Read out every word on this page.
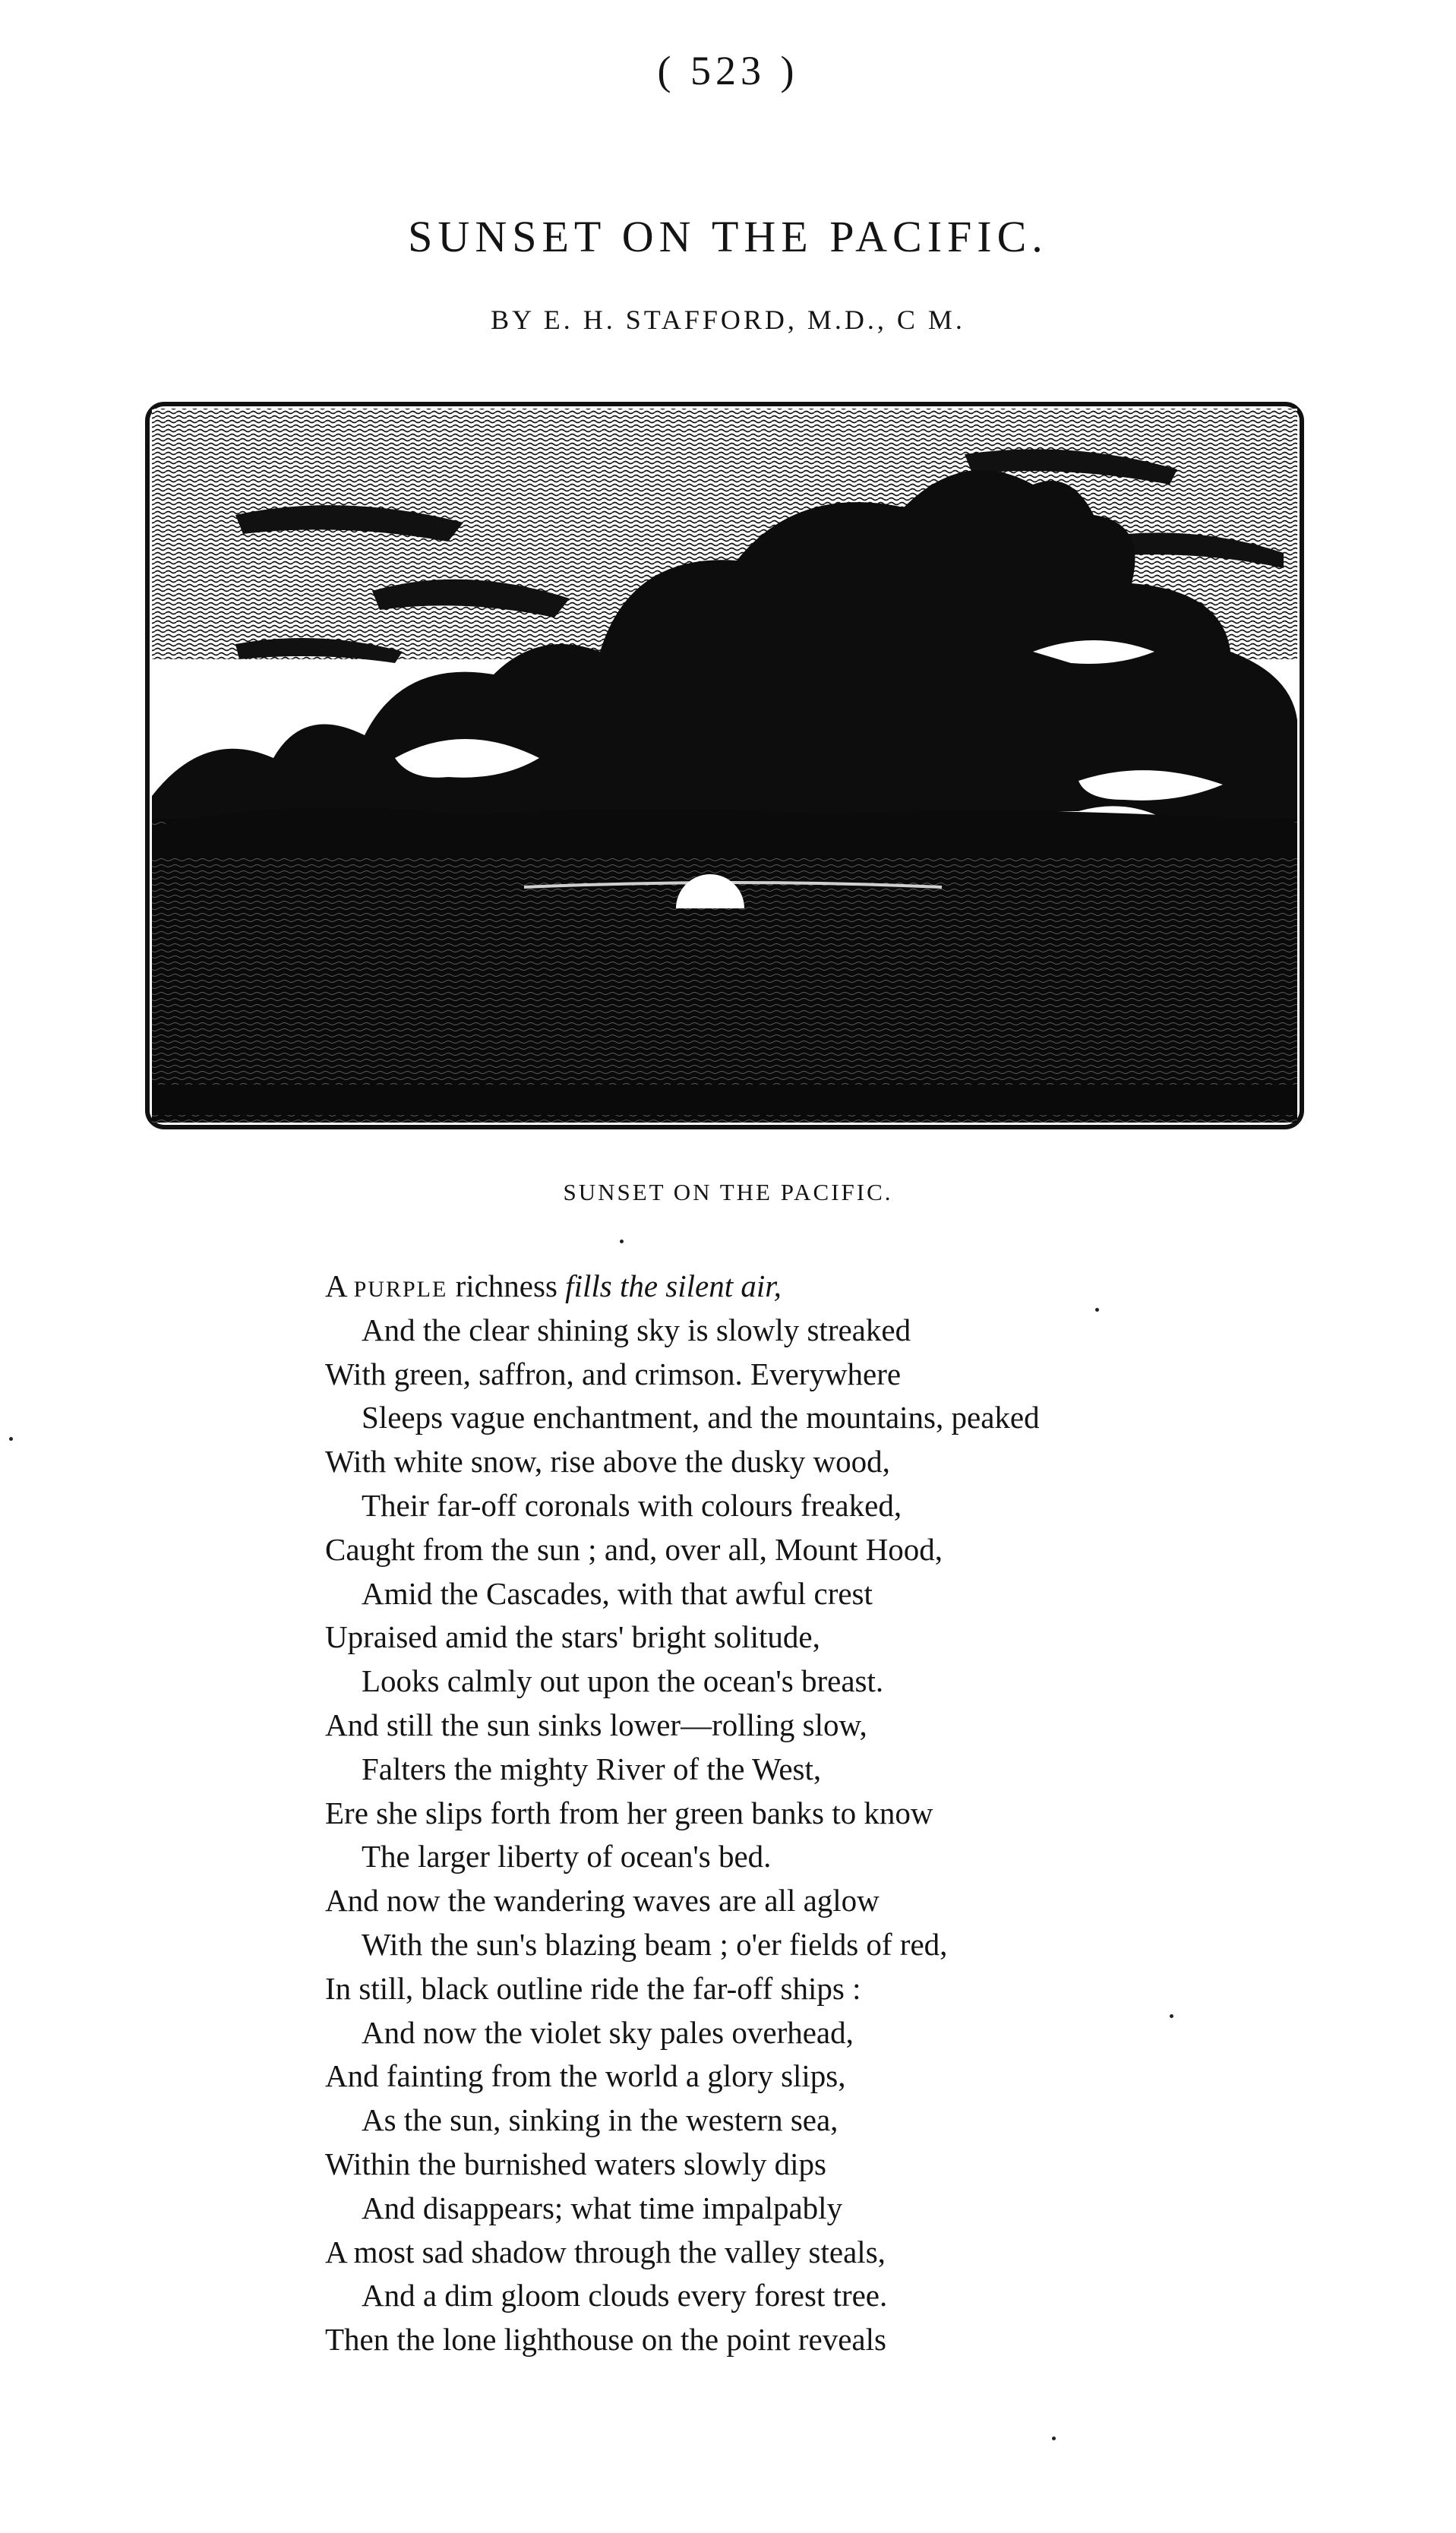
( 523 )
SUNSET ON THE PACIFIC.
BY E. H. STAFFORD, M.D., C M.
SUNSET ON THE PACIFIC.
A PURPLE richness fills the silent air,
And the clear shining sky is slowly streaked
With green, saffron, and crimson. Everywhere
Sleeps vague enchantment, and the mountains, peaked
With white snow, rise above the dusky wood,
Their far-off coronals with colours freaked,
Caught from the sun ; and, over all, Mount Hood,
Amid the Cascades, with that awful crest
Upraised amid the stars' bright solitude,
Looks calmly out upon the ocean's breast.
And still the sun sinks lower—rolling slow,
Falters the mighty River of the West,
Ere she slips forth from her green banks to know
The larger liberty of ocean's bed.
And now the wandering waves are all aglow
With the sun's blazing beam ; o'er fields of red,
In still, black outline ride the far-off ships :
And now the violet sky pales overhead,
And fainting from the world a glory slips,
As the sun, sinking in the western sea,
Within the burnished waters slowly dips
And disappears; what time impalpably
A most sad shadow through the valley steals,
And a dim gloom clouds every forest tree.
Then the lone lighthouse on the point reveals
